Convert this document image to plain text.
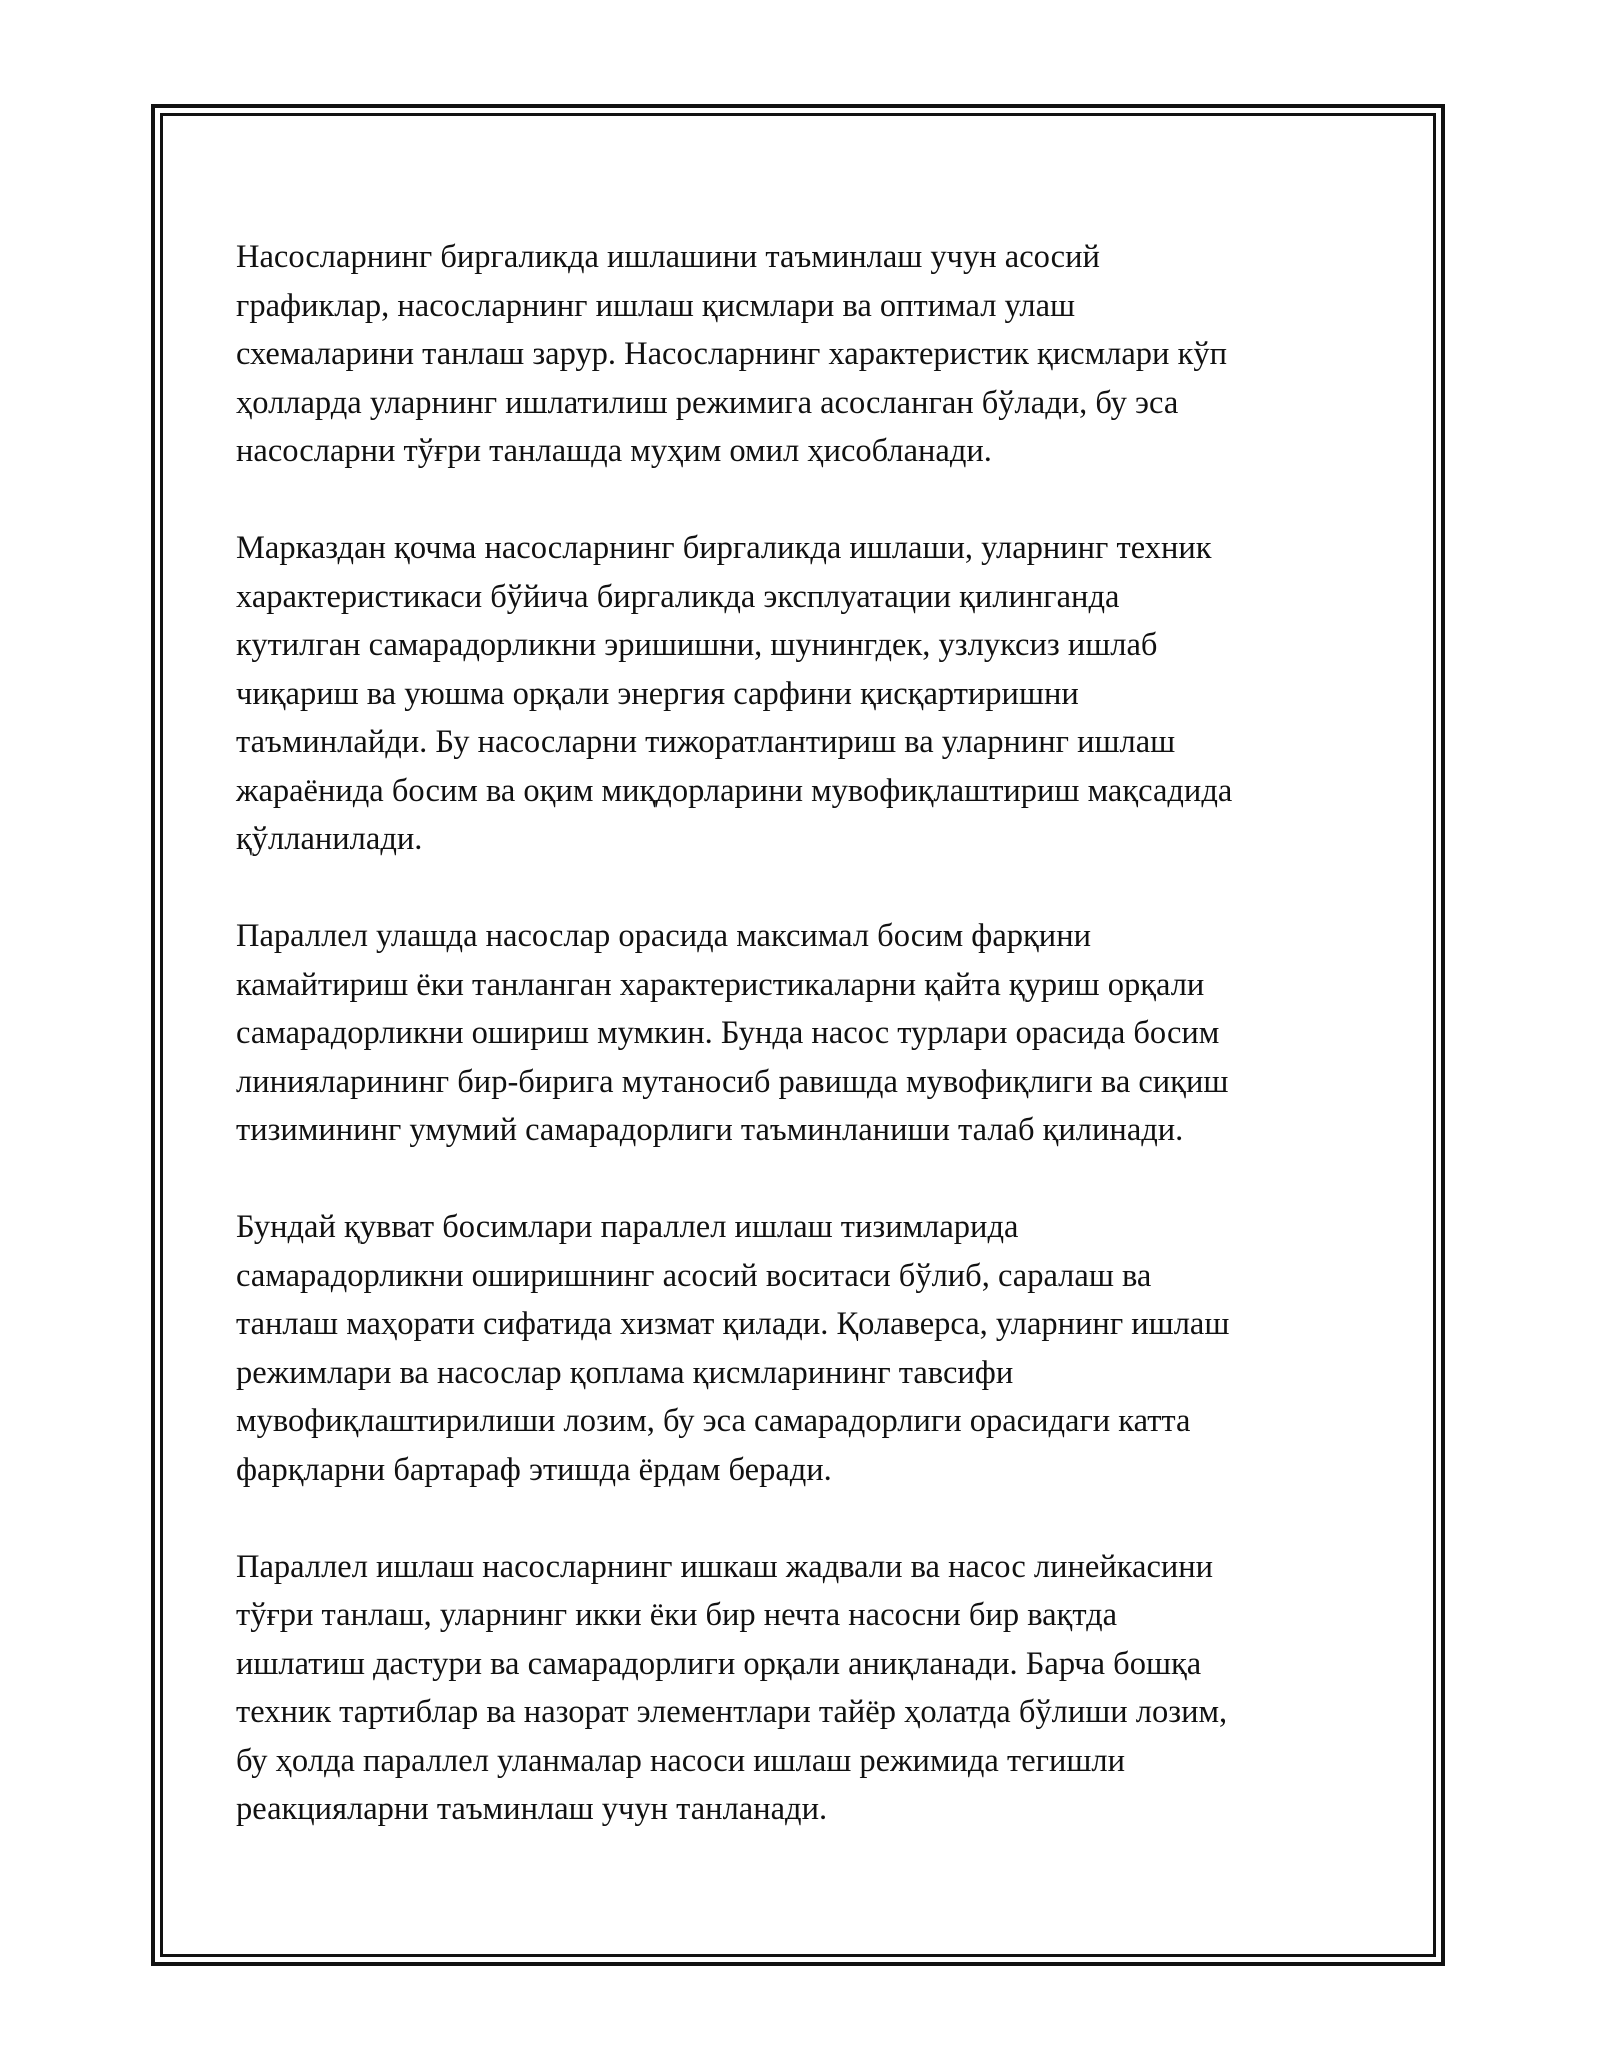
Насосларнинг биргаликда ишлашини таъминлаш учун асосий
графиклар, насосларнинг ишлаш қисмлари ва оптимал улаш
схемаларини танлаш зарур. Насосларнинг характеристик қисмлари кўп
ҳолларда уларнинг ишлатилиш режимига асосланган бўлади, бу эса
насосларни тўғри танлашда муҳим омил ҳисобланади.

Марказдан қочма насосларнинг биргаликда ишлаши, уларнинг техник
характеристикаси бўйича биргаликда эксплуатации қилинганда
кутилган самарадорликни эришишни, шунингдек, узлуксиз ишлаб
чиқариш ва уюшма орқали энергия сарфини қисқартиришни
таъминлайди. Бу насосларни тижоратлантириш ва уларнинг ишлаш
жараёнида босим ва оқим миқдорларини мувофиқлаштириш мақсадида
қўлланилади.

Параллел улашда насослар орасида максимал босим фарқини
камайтириш ёки танланган характеристикаларни қайта қуриш орқали
самарадорликни ошириш мумкин. Бунда насос турлари орасида босим
линияларининг бир-бирига мутаносиб равишда мувофиқлиги ва сиқиш
тизимининг умумий самарадорлиги таъминланиши талаб қилинади.

Бундай қувват босимлари параллел ишлаш тизимларида
самарадорликни оширишнинг асосий воситаси бўлиб, саралаш ва
танлаш маҳорати сифатида хизмат қилади. Қолаверса, уларнинг ишлаш
режимлари ва насослар қоплама қисмларининг тавсифи
мувофиқлаштирилиши лозим, бу эса самарадорлиги орасидаги катта
фарқларни бартараф этишда ёрдам беради.

Параллел ишлаш насосларнинг ишкаш жадвали ва насос линейкасини
тўғри танлаш, уларнинг икки ёки бир нечта насосни бир вақтда
ишлатиш дастури ва самарадорлиги орқали аниқланади. Барча бошқа
техник тартиблар ва назорат элементлари тайёр ҳолатда бўлиши лозим,
бу ҳолда параллел уланмалар насоси ишлаш режимида тегишли
реакцияларни таъминлаш учун танланади.
